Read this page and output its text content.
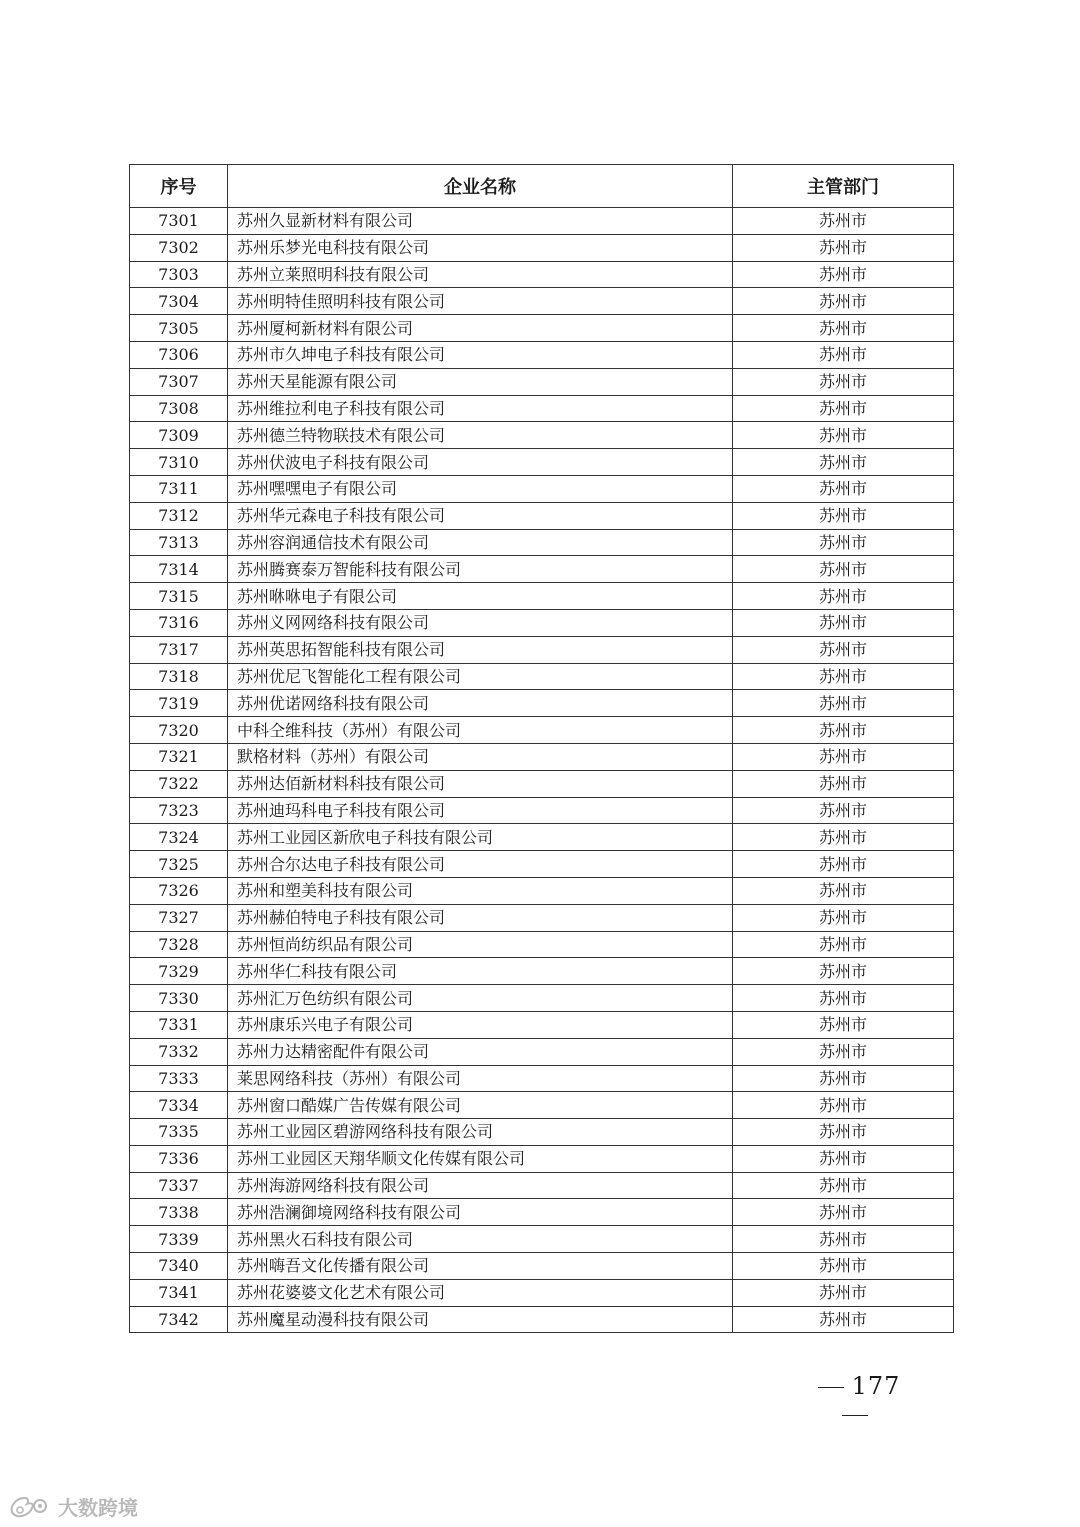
序号	企业名称	主管部门
7301	苏州久显新材料有限公司	苏州市
7302	苏州乐梦光电科技有限公司	苏州市
7303	苏州立莱照明科技有限公司	苏州市
7304	苏州明特佳照明科技有限公司	苏州市
7305	苏州厦柯新材料有限公司	苏州市
7306	苏州市久坤电子科技有限公司	苏州市
7307	苏州天星能源有限公司	苏州市
7308	苏州维拉利电子科技有限公司	苏州市
7309	苏州德兰特物联技术有限公司	苏州市
7310	苏州伏波电子科技有限公司	苏州市
7311	苏州嘿嘿电子有限公司	苏州市
7312	苏州华元森电子科技有限公司	苏州市
7313	苏州容润通信技术有限公司	苏州市
7314	苏州腾赛泰万智能科技有限公司	苏州市
7315	苏州咻咻电子有限公司	苏州市
7316	苏州义网网络科技有限公司	苏州市
7317	苏州英思拓智能科技有限公司	苏州市
7318	苏州优尼飞智能化工程有限公司	苏州市
7319	苏州优诺网络科技有限公司	苏州市
7320	中科仝维科技（苏州）有限公司	苏州市
7321	默格材料（苏州）有限公司	苏州市
7322	苏州达佰新材料科技有限公司	苏州市
7323	苏州迪玛科电子科技有限公司	苏州市
7324	苏州工业园区新欣电子科技有限公司	苏州市
7325	苏州合尔达电子科技有限公司	苏州市
7326	苏州和塑美科技有限公司	苏州市
7327	苏州赫伯特电子科技有限公司	苏州市
7328	苏州恒尚纺织品有限公司	苏州市
7329	苏州华仁科技有限公司	苏州市
7330	苏州汇万色纺织有限公司	苏州市
7331	苏州康乐兴电子有限公司	苏州市
7332	苏州力达精密配件有限公司	苏州市
7333	莱思网络科技（苏州）有限公司	苏州市
7334	苏州窗口酷媒广告传媒有限公司	苏州市
7335	苏州工业园区碧游网络科技有限公司	苏州市
7336	苏州工业园区天翔华顺文化传媒有限公司	苏州市
7337	苏州海游网络科技有限公司	苏州市
7338	苏州浩澜御境网络科技有限公司	苏州市
7339	苏州黑火石科技有限公司	苏州市
7340	苏州嗨吾文化传播有限公司	苏州市
7341	苏州花婆婆文化艺术有限公司	苏州市
7342	苏州魔星动漫科技有限公司	苏州市
177
大数跨境
